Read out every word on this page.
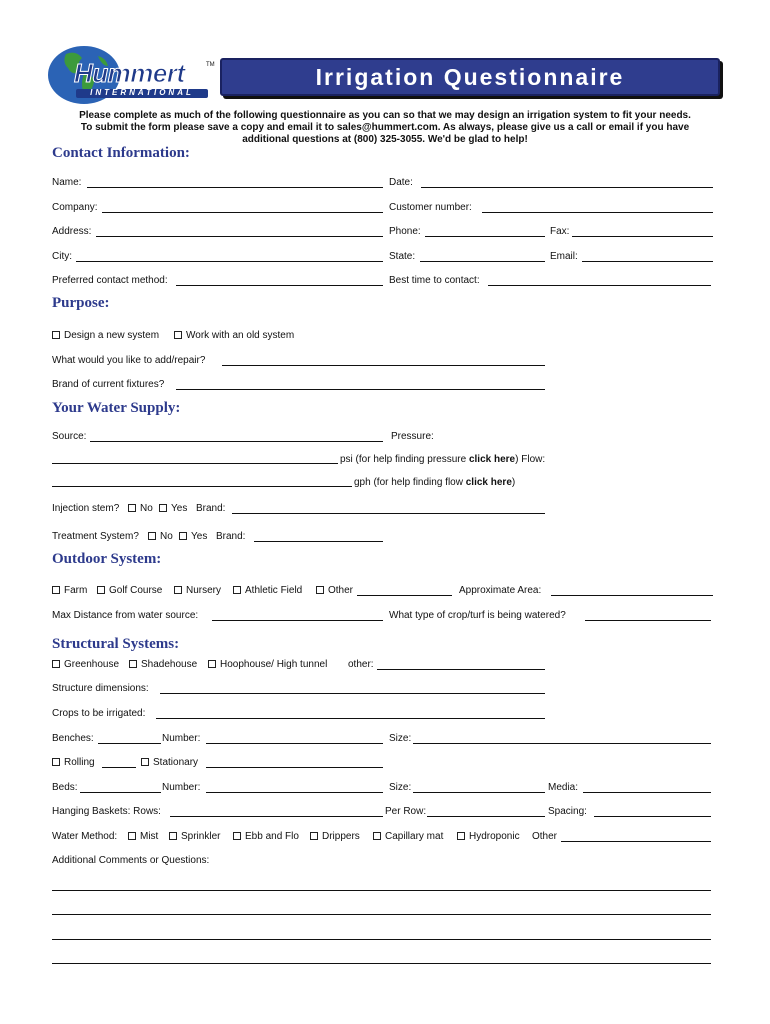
Hummert	TM
INTERNATIONAL
Irrigation Questionnaire
Please complete as much of the following questionnaire as you can so that we may design an irrigation system to fit your needs.
To submit the form please save a copy and email it to sales@hummert.com. As always, please give us a call or email if you have
additional questions at (800) 325-3055. We'd be glad to help!
Contact Information:
Name:	Date:
Company:	Customer number:
Address:	Phone:	Fax:
City:	State:	Email:
Preferred contact method:	Best time to contact:
Purpose:
Design a new system	Work with an old system
What would you like to add/repair?
Brand of current fixtures?
Your Water Supply:
Source:	Pressure:
psi (for help finding pressure click here) Flow:
gph (for help finding flow click here)
Injection stem?	No	Yes Brand:
Treatment System?	No	Yes Brand:
Outdoor System:
Farm	Golf Course	Nursery	Athletic Field	Other	Approximate Area:
Max Distance from water source:	What type of crop/turf is being watered?
Structural Systems:
Greenhouse	Shadehouse	Hoophouse/ High tunnel other:
Structure dimensions:
Crops to be irrigated:
Benches:	Number:	Size:
Rolling	Stationary
Beds:	Number:	Size:	Media:
Hanging Baskets: Rows:	Per Row:	Spacing:
Water Method:	Mist	Sprinkler	Ebb and Flo	Drippers	Capillary mat	Hydroponic Other
Additional Comments or Questions:
